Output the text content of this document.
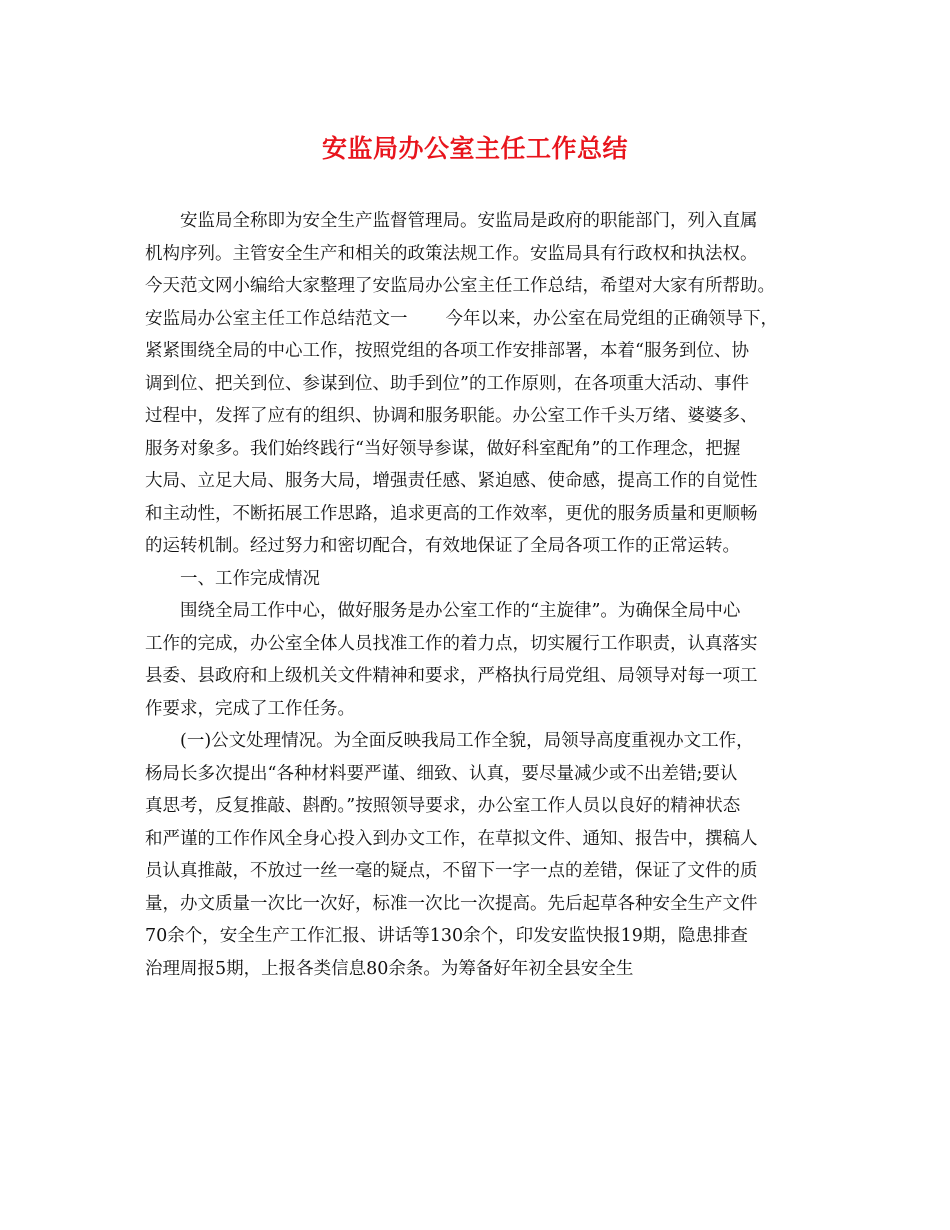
安监局办公室主任工作总结
安监局全称即为安全生产监督管理局。安监局是政府的职能部门，列入直属
机构序列。主管安全生产和相关的政策法规工作。安监局具有行政权和执法权。
今天范文网小编给大家整理了安监局办公室主任工作总结，希望对大家有所帮助。
安监局办公室主任工作总结范文一 今年以来，办公室在局党组的正确领导下，
紧紧围绕全局的中心工作，按照党组的各项工作安排部署，本着“服务到位、协
调到位、把关到位、参谋到位、助手到位”的工作原则，在各项重大活动、事件
过程中，发挥了应有的组织、协调和服务职能。办公室工作千头万绪、婆婆多、
服务对象多。我们始终践行“当好领导参谋，做好科室配角”的工作理念，把握
大局、立足大局、服务大局，增强责任感、紧迫感、使命感，提高工作的自觉性
和主动性，不断拓展工作思路，追求更高的工作效率，更优的服务质量和更顺畅
的运转机制。经过努力和密切配合，有效地保证了全局各项工作的正常运转。
一、工作完成情况
围绕全局工作中心，做好服务是办公室工作的“主旋律”。为确保全局中心
工作的完成，办公室全体人员找准工作的着力点，切实履行工作职责，认真落实
县委、县政府和上级机关文件精神和要求，严格执行局党组、局领导对每一项工
作要求，完成了工作任务。
(一)公文处理情况。为全面反映我局工作全貌，局领导高度重视办文工作，
杨局长多次提出“各种材料要严谨、细致、认真，要尽量减少或不出差错;要认
真思考，反复推敲、斟酌。”按照领导要求，办公室工作人员以良好的精神状态
和严谨的工作作风全身心投入到办文工作，在草拟文件、通知、报告中，撰稿人
员认真推敲，不放过一丝一毫的疑点，不留下一字一点的差错，保证了文件的质
量，办文质量一次比一次好，标准一次比一次提高。先后起草各种安全生产文件
70余个，安全生产工作汇报、讲话等130余个，印发安监快报19期，隐患排查
治理周报5期，上报各类信息80余条。为筹备好年初全县安全生
